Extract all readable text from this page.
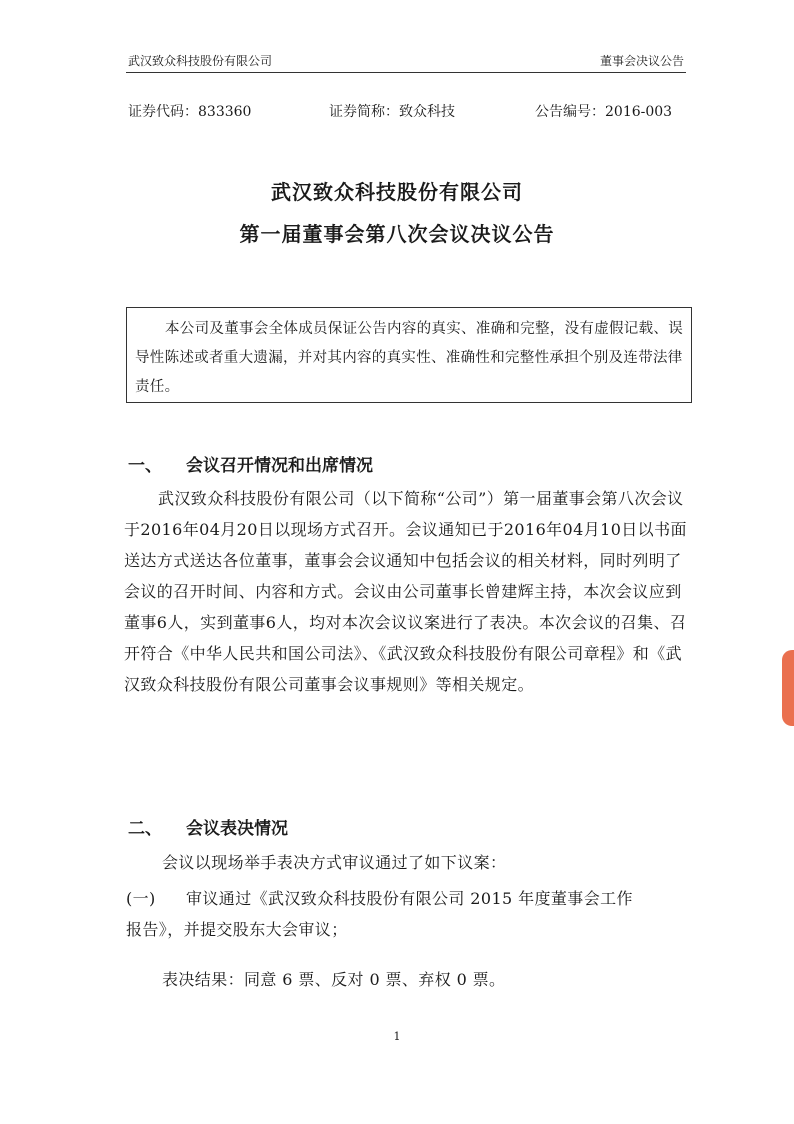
武汉致众科技股份有限公司	董事会决议公告
证券代码：833360	证券简称：致众科技	公告编号：2016-003
武汉致众科技股份有限公司
第一届董事会第八次会议决议公告
本公司及董事会全体成员保证公告内容的真实、准确和完整，没有虚假记载、误导性陈述或者重大遗漏，并对其内容的真实性、准确性和完整性承担个别及连带法律责任。
一、 会议召开情况和出席情况
武汉致众科技股份有限公司（以下简称“公司”）第一届董事会第八次会议于2016年04月20日以现场方式召开。会议通知已于2016年04月10日以书面送达方式送达各位董事，董事会会议通知中包括会议的相关材料，同时列明了会议的召开时间、内容和方式。会议由公司董事长曾建辉主持，本次会议应到董事6人，实到董事6人，均对本次会议议案进行了表决。本次会议的召集、召开符合《中华人民共和国公司法》、《武汉致众科技股份有限公司章程》和《武汉致众科技股份有限公司董事会议事规则》等相关规定。
二、 会议表决情况
会议以现场举手表决方式审议通过了如下议案：
(一) 审议通过《武汉致众科技股份有限公司 2015 年度董事会工作
报告》，并提交股东大会审议；
表决结果：同意 6 票、反对 0 票、弃权 0 票。
1
